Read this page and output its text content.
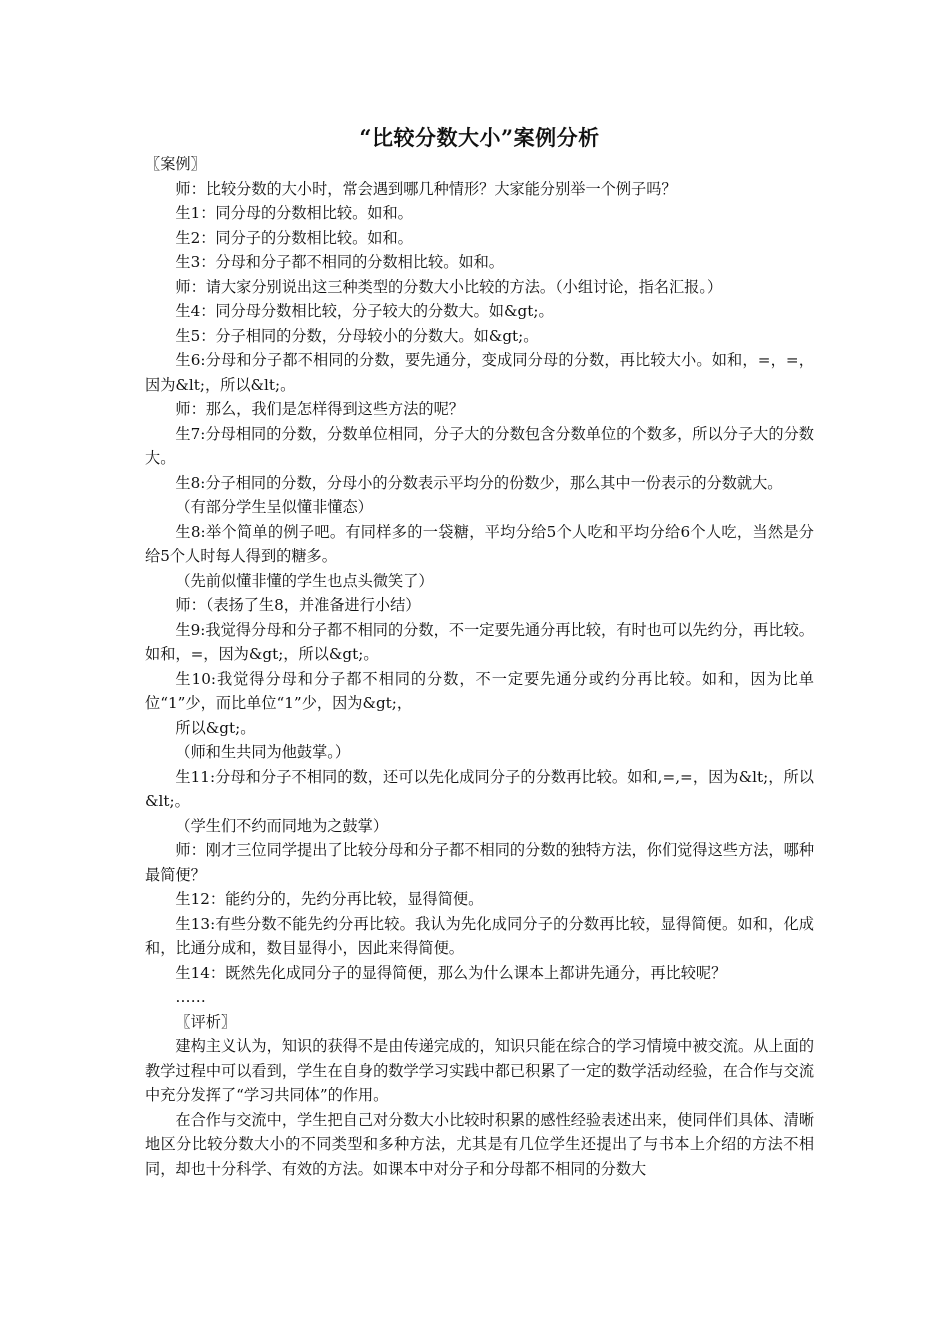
“比较分数大小”案例分析

〖案例〗

师：比较分数的大小时，常会遇到哪几种情形？大家能分别举一个例子吗？

生1：同分母的分数相比较。如和。

生2：同分子的分数相比较。如和。

生3：分母和分子都不相同的分数相比较。如和。

师：请大家分别说出这三种类型的分数大小比较的方法。（小组讨论，指名汇报。）

生4：同分母分数相比较，分子较大的分数大。如&gt;。

生5：分子相同的分数，分母较小的分数大。如&gt;。

生6:分母和分子都不相同的分数，要先通分，变成同分母的分数，再比较大小。如和，=，=，因为&lt;，所以&lt;。

师：那么，我们是怎样得到这些方法的呢？

生7:分母相同的分数，分数单位相同，分子大的分数包含分数单位的个数多，所以分子大的分数大。

生8:分子相同的分数，分母小的分数表示平均分的份数少，那么其中一份表示的分数就大。

（有部分学生呈似懂非懂态）

生8:举个简单的例子吧。有同样多的一袋糖，平均分给5个人吃和平均分给6个人吃，当然是分给5个人时每人得到的糖多。

（先前似懂非懂的学生也点头微笑了）

师：（表扬了生8，并准备进行小结）

生9:我觉得分母和分子都不相同的分数，不一定要先通分再比较，有时也可以先约分，再比较。如和，=，因为&gt;，所以&gt;。

生10:我觉得分母和分子都不相同的分数，不一定要先通分或约分再比较。如和，因为比单位“1”少，而比单位“1”少，因为&gt;，

所以&gt;。

（师和生共同为他鼓掌。）

生11:分母和分子不相同的数，还可以先化成同分子的分数再比较。如和,=,=，因为&lt;，所以&lt;。

（学生们不约而同地为之鼓掌）

师：刚才三位同学提出了比较分母和分子都不相同的分数的独特方法，你们觉得这些方法，哪种最简便？

生12：能约分的，先约分再比较，显得简便。

生13:有些分数不能先约分再比较。我认为先化成同分子的分数再比较，显得简便。如和，化成和，比通分成和，数目显得小，因此来得简便。

生14：既然先化成同分子的显得简便，那么为什么课本上都讲先通分，再比较呢？

……

〖评析〗

建构主义认为，知识的获得不是由传递完成的，知识只能在综合的学习情境中被交流。从上面的教学过程中可以看到，学生在自身的数学学习实践中都已积累了一定的数学活动经验，在合作与交流中充分发挥了“学习共同体”的作用。

在合作与交流中，学生把自己对分数大小比较时积累的感性经验表述出来，使同伴们具体、清晰地区分比较分数大小的不同类型和多种方法，尤其是有几位学生还提出了与书本上介绍的方法不相同，却也十分科学、有效的方法。如课本中对分子和分母都不相同的分数大
